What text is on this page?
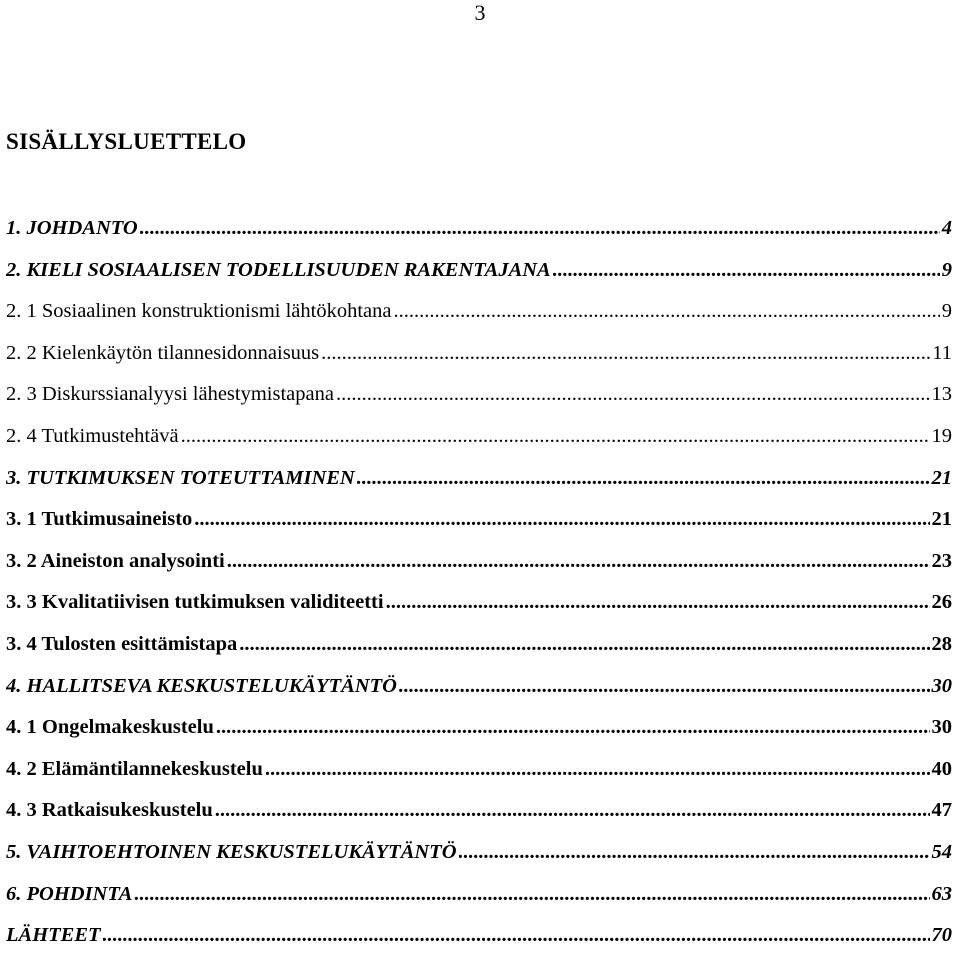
3
SISÄLLYSLUETTELO
1. JOHDANTO .....	4
2. KIELI SOSIAALISEN TODELLISUUDEN RAKENTAJANA .....	9
2. 1 Sosiaalinen konstruktionismi lähtökohtana .....	9
2. 2 Kielenkäytön tilannesidonnaisuus .....	11
2. 3 Diskurssianalyysi lähestymistapana .....	13
2. 4 Tutkimustehtävä .....	19
3. TUTKIMUKSEN TOTEUTTAMINEN .....	21
3. 1 Tutkimusaineisto .....	21
3. 2 Aineiston analysointi .....	23
3. 3 Kvalitatiivisen tutkimuksen validiteetti .....	26
3. 4 Tulosten esittämistapa .....	28
4. HALLITSEVA KESKUSTELUKÄYTÄNTÖ .....	30
4. 1 Ongelmakeskustelu .....	30
4. 2 Elämäntilannekeskustelu .....	40
4. 3 Ratkaisukeskustelu .....	47
5. VAIHTOEHTOINEN KESKUSTELUKÄYTÄNTÖ .....	54
6. POHDINTA .....	63
LÄHTEET .....	70
